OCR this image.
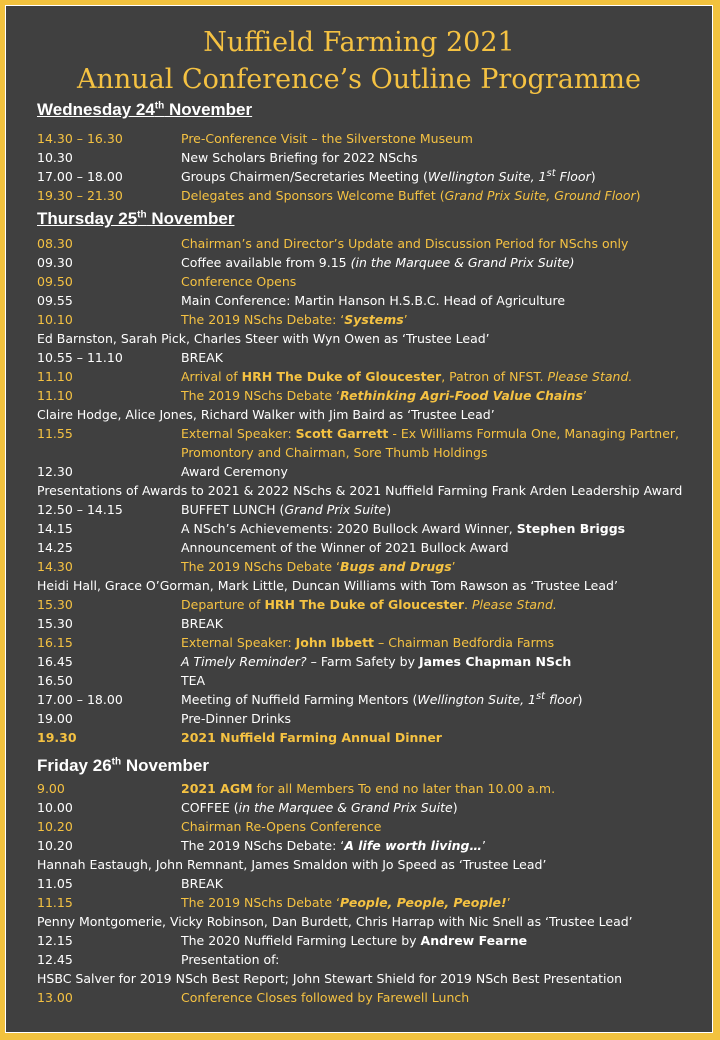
Nuffield Farming 2021
Annual Conference’s Outline Programme
Wednesday 24th November
14.30 – 16.30	Pre-Conference Visit – the Silverstone Museum
10.30	New Scholars Briefing for 2022 NSchs
17.00 – 18.00	Groups Chairmen/Secretaries Meeting (Wellington Suite, 1st Floor)
19.30 – 21.30	Delegates and Sponsors Welcome Buffet (Grand Prix Suite, Ground Floor)
Thursday 25th November
08.30	Chairman’s and Director’s Update and Discussion Period for NSchs only
09.30	Coffee available from 9.15 (in the Marquee & Grand Prix Suite)
09.50	Conference Opens
09.55	Main Conference: Martin Hanson H.S.B.C. Head of Agriculture
10.10	The 2019 NSchs Debate: ‘Systems’
Ed Barnston, Sarah Pick, Charles Steer with Wyn Owen as ‘Trustee Lead’
10.55 – 11.10	BREAK
11.10	Arrival of HRH The Duke of Gloucester, Patron of NFST. Please Stand.
11.10	The 2019 NSchs Debate ‘Rethinking Agri-Food Value Chains’
Claire Hodge, Alice Jones, Richard Walker with Jim Baird as ‘Trustee Lead’
11.55	External Speaker: Scott Garrett - Ex Williams Formula One, Managing Partner,
Promontory and Chairman, Sore Thumb Holdings
12.30	Award Ceremony
Presentations of Awards to 2021 & 2022 NSchs & 2021 Nuffield Farming Frank Arden Leadership Award
12.50 – 14.15	BUFFET LUNCH (Grand Prix Suite)
14.15	A NSch’s Achievements: 2020 Bullock Award Winner, Stephen Briggs
14.25	Announcement of the Winner of 2021 Bullock Award
14.30	The 2019 NSchs Debate ‘Bugs and Drugs’
Heidi Hall, Grace O’Gorman, Mark Little, Duncan Williams with Tom Rawson as ‘Trustee Lead’
15.30	Departure of HRH The Duke of Gloucester. Please Stand.
15.30	BREAK
16.15	External Speaker: John Ibbett – Chairman Bedfordia Farms
16.45	A Timely Reminder? – Farm Safety by James Chapman NSch
16.50	TEA
17.00 – 18.00	Meeting of Nuffield Farming Mentors (Wellington Suite, 1st floor)
19.00	Pre-Dinner Drinks
19.30	2021 Nuffield Farming Annual Dinner
Friday 26th November
9.00	2021 AGM for all Members To end no later than 10.00 a.m.
10.00	COFFEE (in the Marquee & Grand Prix Suite)
10.20	Chairman Re-Opens Conference
10.20	The 2019 NSchs Debate: ‘A life worth living…’
Hannah Eastaugh, John Remnant, James Smaldon with Jo Speed as ‘Trustee Lead’
11.05	BREAK
11.15	The 2019 NSchs Debate ‘People, People, People!’
Penny Montgomerie, Vicky Robinson, Dan Burdett, Chris Harrap with Nic Snell as ‘Trustee Lead’
12.15	The 2020 Nuffield Farming Lecture by Andrew Fearne
12.45	Presentation of:
HSBC Salver for 2019 NSch Best Report; John Stewart Shield for 2019 NSch Best Presentation
13.00	Conference Closes followed by Farewell Lunch
